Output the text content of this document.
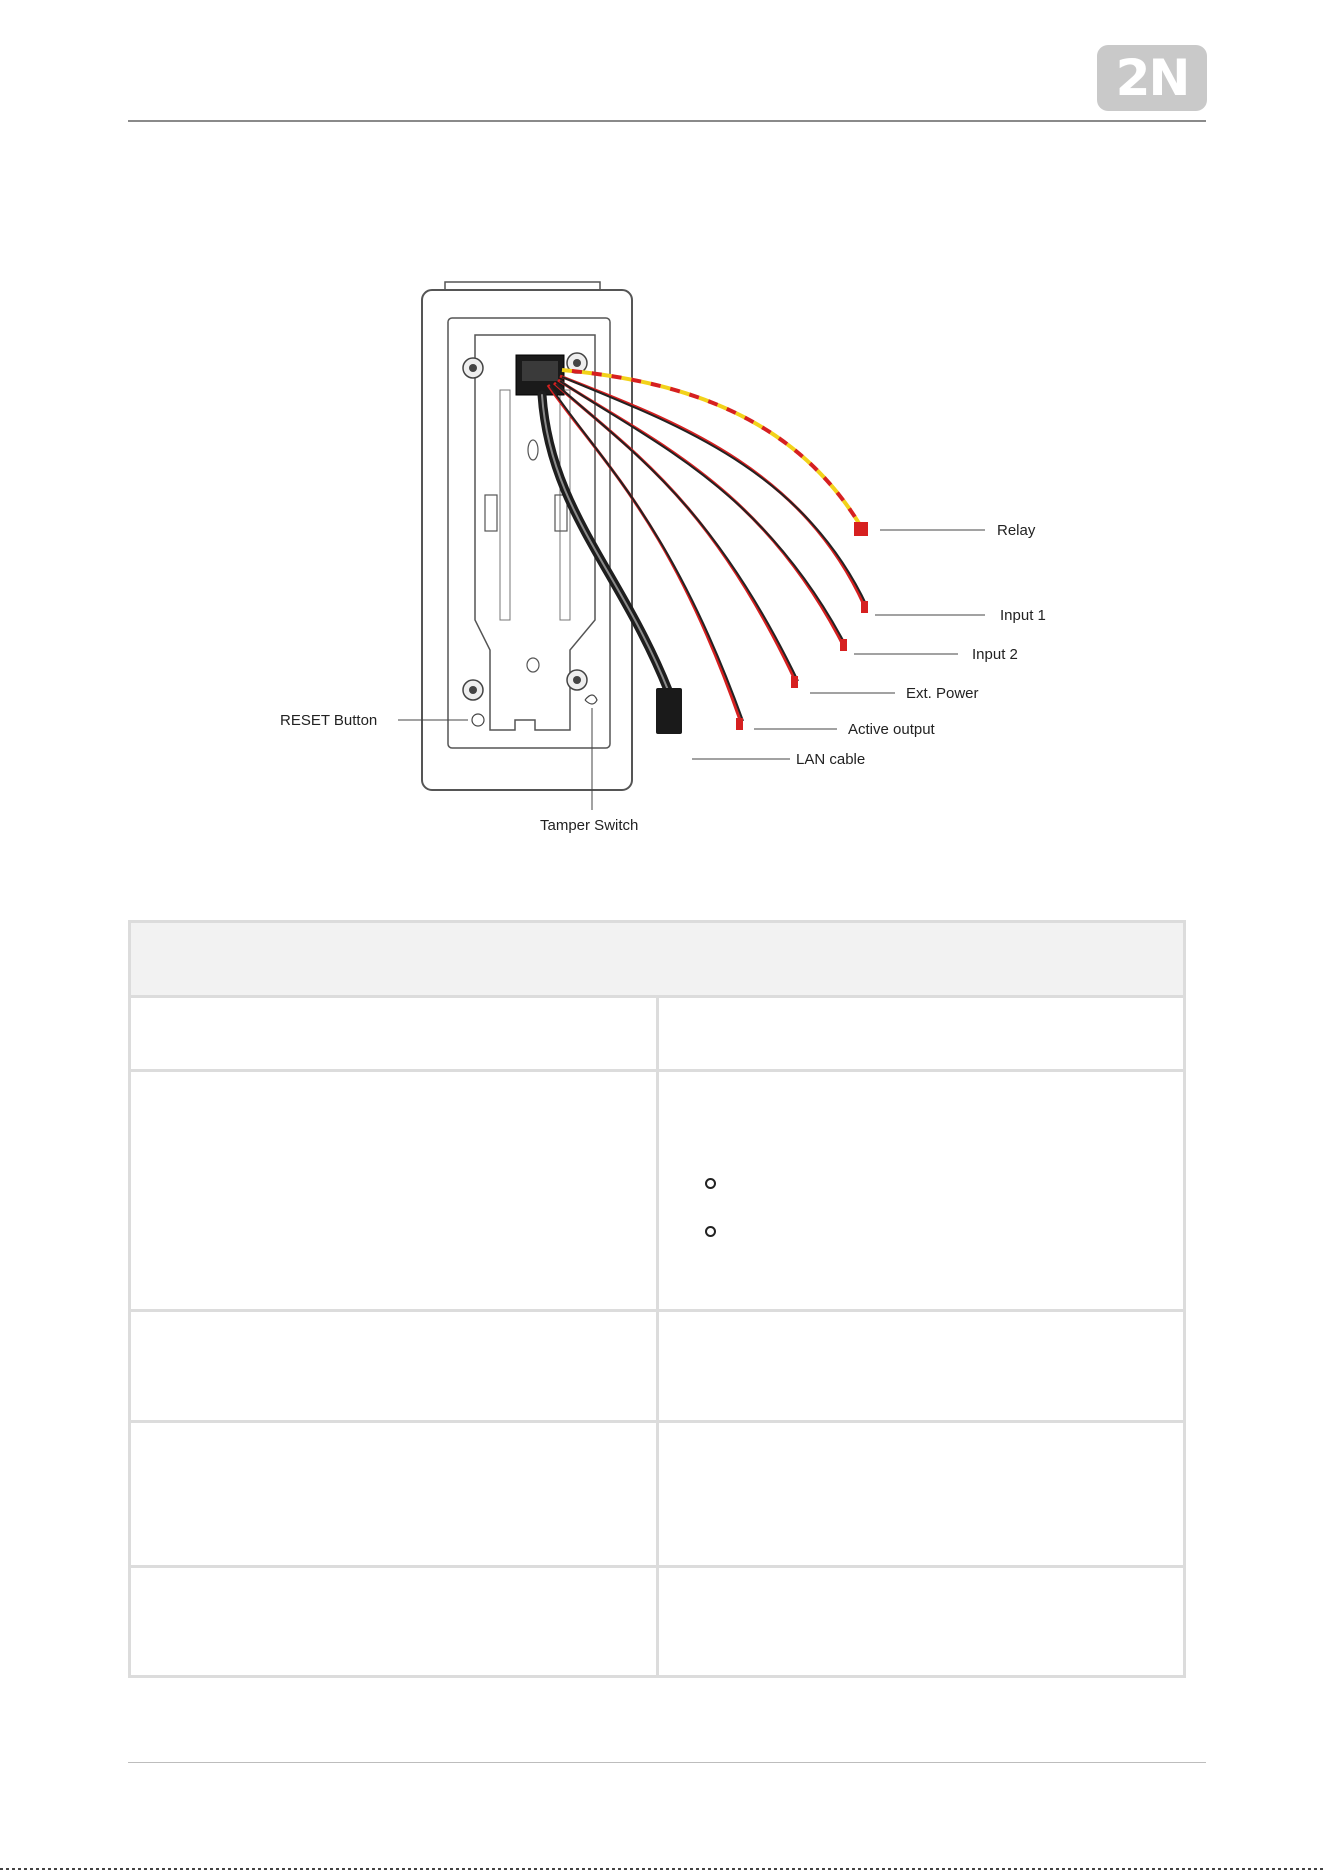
2N
Relay
Input 1
Input 2
Ext. Power
Active output
LAN cable
RESET Button
Tamper Switch
